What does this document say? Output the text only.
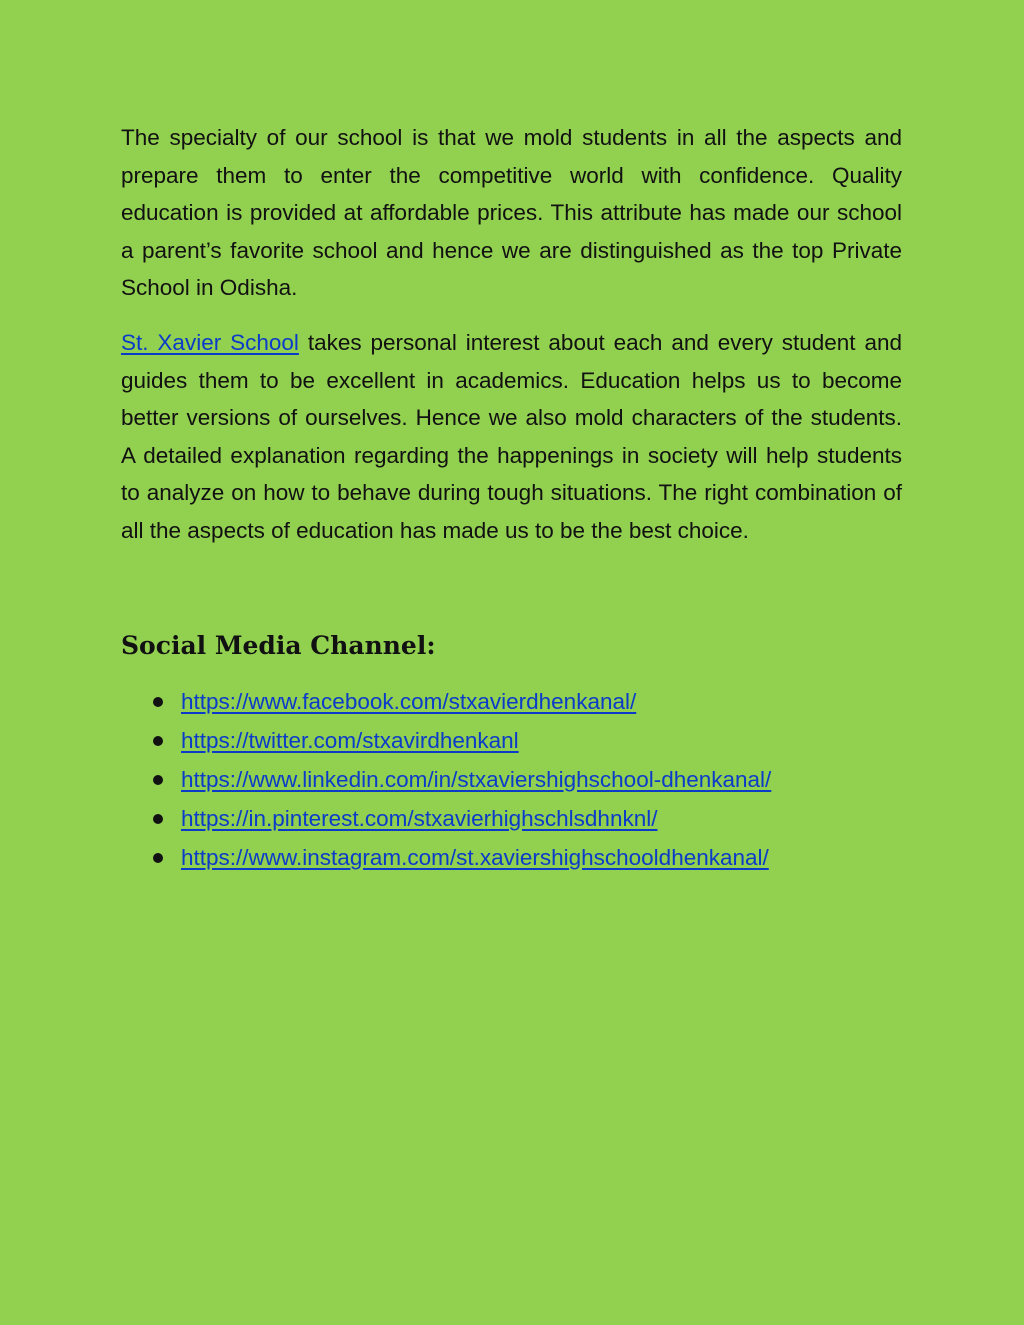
The specialty of our school is that we mold students in all the aspects and prepare them to enter the competitive world with confidence. Quality education is provided at affordable prices. This attribute has made our school a parent’s favorite school and hence we are distinguished as the top Private School in Odisha.

St. Xavier School takes personal interest about each and every student and guides them to be excellent in academics. Education helps us to become better versions of ourselves. Hence we also mold characters of the students. A detailed explanation regarding the happenings in society will help students to analyze on how to behave during tough situations. The right combination of all the aspects of education has made us to be the best choice.

Social Media Channel:
https://www.facebook.com/stxavierdhenkanal/
https://twitter.com/stxavirdhenkanl
https://www.linkedin.com/in/stxaviershighschool-dhenkanal/
https://in.pinterest.com/stxavierhighschlsdhnknl/
https://www.instagram.com/st.xaviershighschooldhenkanal/
